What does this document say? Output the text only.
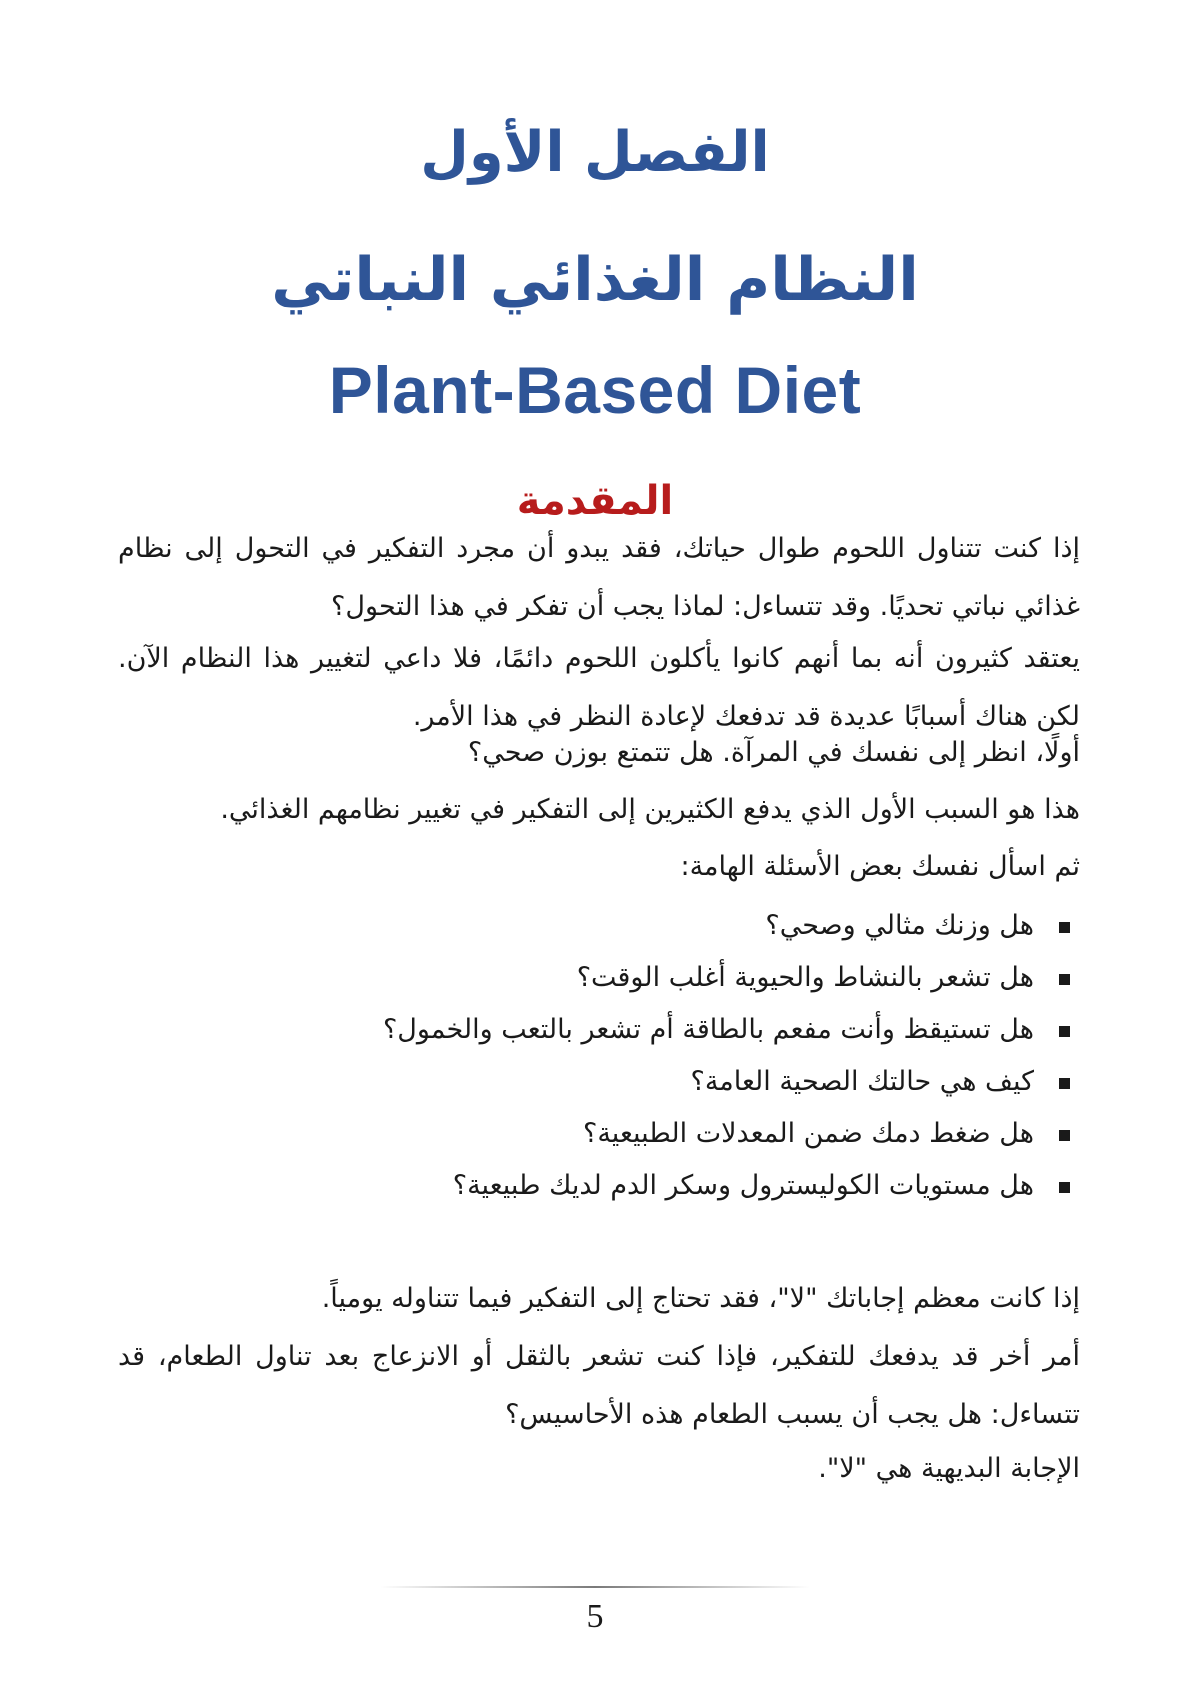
الفصل الأول
النظام الغذائي النباتي
Plant-Based Diet
المقدمة

إذا كنت تتناول اللحوم طوال حياتك، فقد يبدو أن مجرد التفكير في التحول إلى نظام غذائي نباتي تحديًا. وقد تتساءل: لماذا يجب أن تفكر في هذا التحول؟

يعتقد كثيرون أنه بما أنهم كانوا يأكلون اللحوم دائمًا، فلا داعي لتغيير هذا النظام الآن. لكن هناك أسبابًا عديدة قد تدفعك لإعادة النظر في هذا الأمر.

أولًا، انظر إلى نفسك في المرآة. هل تتمتع بوزن صحي؟

هذا هو السبب الأول الذي يدفع الكثيرين إلى التفكير في تغيير نظامهم الغذائي.

ثم اسأل نفسك بعض الأسئلة الهامة:

هل وزنك مثالي وصحي؟
هل تشعر بالنشاط والحيوية أغلب الوقت؟
هل تستيقظ وأنت مفعم بالطاقة أم تشعر بالتعب والخمول؟
كيف هي حالتك الصحية العامة؟
هل ضغط دمك ضمن المعدلات الطبيعية؟
هل مستويات الكوليسترول وسكر الدم لديك طبيعية؟

إذا كانت معظم إجاباتك "لا"، فقد تحتاج إلى التفكير فيما تتناوله يومياً.

أمر أخر قد يدفعك للتفكير، فإذا كنت تشعر بالثقل أو الانزعاج بعد تناول الطعام، قد تتساءل: هل يجب أن يسبب الطعام هذه الأحاسيس؟

الإجابة البديهية هي "لا".

5
